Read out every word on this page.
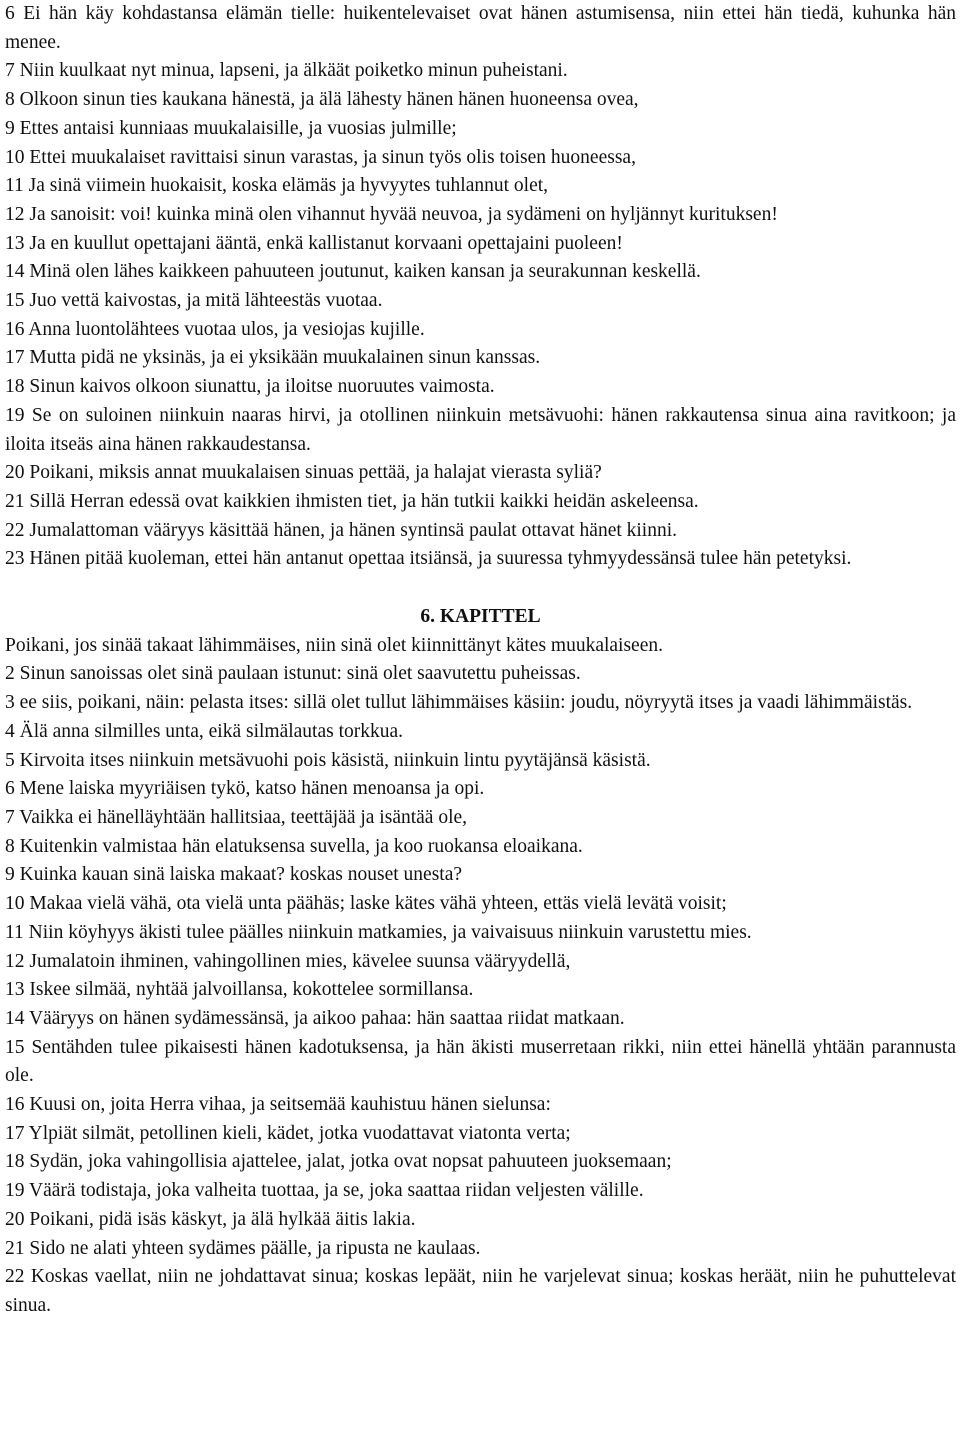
6 Ei hän käy kohdastansa elämän tielle: huikentelevaiset ovat hänen astumisensa, niin ettei hän tiedä, kuhunka hän menee.

7 Niin kuulkaat nyt minua, lapseni, ja älkäät poiketko minun puheistani.

8 Olkoon sinun ties kaukana hänestä, ja älä lähesty hänen hänen huoneensa ovea,

9 Ettes antaisi kunniaas muukalaisille, ja vuosias julmille;

10 Ettei muukalaiset ravittaisi sinun varastas, ja sinun työs olis toisen huoneessa,

11 Ja sinä viimein huokaisit, koska elämäs ja hyvyytes tuhlannut olet,

12 Ja sanoisit: voi! kuinka minä olen vihannut hyvää neuvoa, ja sydämeni on hyljännyt kurituksen!

13 Ja en kuullut opettajani ääntä, enkä kallistanut korvaani opettajaini puoleen!

14 Minä olen lähes kaikkeen pahuuteen joutunut, kaiken kansan ja seurakunnan keskellä.

15 Juo vettä kaivostas, ja mitä lähteestäs vuotaa.

16 Anna luontolähtees vuotaa ulos, ja vesiojas kujille.

17 Mutta pidä ne yksinäs, ja ei yksikään muukalainen sinun kanssas.

18 Sinun kaivos olkoon siunattu, ja iloitse nuoruutes vaimosta.

19 Se on suloinen niinkuin naaras hirvi, ja otollinen niinkuin metsävuohi: hänen rakkautensa sinua aina ravitkoon; ja iloita itseäs aina hänen rakkaudestansa.

20 Poikani, miksis annat muukalaisen sinuas pettää, ja halajat vierasta syliä?

21 Sillä Herran edessä ovat kaikkien ihmisten tiet, ja hän tutkii kaikki heidän askeleensa.

22 Jumalattoman vääryys käsittää hänen, ja hänen syntinsä paulat ottavat hänet kiinni.

23 Hänen pitää kuoleman, ettei hän antanut opettaa itsiänsä, ja suuressa tyhmyydessänsä tulee hän petetyksi.

6. KAPITTEL

Poikani, jos sinää takaat lähimmäises, niin sinä olet kiinnittänyt kätes muukalaiseen.

2 Sinun sanoissas olet sinä paulaan istunut: sinä olet saavutettu puheissas.

3 ee siis, poikani, näin: pelasta itses: sillä olet tullut lähimmäises käsiin: joudu, nöyryytä itses ja vaadi lähimmäistäs.

4 Älä anna silmilles unta, eikä silmälautas torkkua.

5 Kirvoita itses niinkuin metsävuohi pois käsistä, niinkuin lintu pyytäjänsä käsistä.

6 Mene laiska myyriäisen tykö, katso hänen menoansa ja opi.

7 Vaikka ei hänelläyhtään hallitsiaa, teettäjää ja isäntää ole,

8 Kuitenkin valmistaa hän elatuksensa suvella, ja koo ruokansa eloaikana.

9 Kuinka kauan sinä laiska makaat? koskas nouset unesta?

10 Makaa vielä vähä, ota vielä unta päähäs; laske kätes vähä yhteen, ettäs vielä levätä voisit;

11 Niin köyhyys äkisti tulee päälles niinkuin matkamies, ja vaivaisuus niinkuin varustettu mies.

12 Jumalatoin ihminen, vahingollinen mies, kävelee suunsa vääryydellä,

13 Iskee silmää, nyhtää jalvoillansa, kokottelee sormillansa.

14 Vääryys on hänen sydämessänsä, ja aikoo pahaa: hän saattaa riidat matkaan.

15 Sentähden tulee pikaisesti hänen kadotuksensa, ja hän äkisti muserretaan rikki, niin ettei hänellä yhtään parannusta ole.

16 Kuusi on, joita Herra vihaa, ja seitsemää kauhistuu hänen sielunsa:

17 Ylpiät silmät, petollinen kieli, kädet, jotka vuodattavat viatonta verta;

18 Sydän, joka vahingollisia ajattelee, jalat, jotka ovat nopsat pahuuteen juoksemaan;

19 Väärä todistaja, joka valheita tuottaa, ja se, joka saattaa riidan veljesten välille.

20 Poikani, pidä isäs käskyt, ja älä hylkää äitis lakia.

21 Sido ne alati yhteen sydämes päälle, ja ripusta ne kaulaas.

22 Koskas vaellat, niin ne johdattavat sinua; koskas lepäät, niin he varjelevat sinua; koskas heräät, niin he puhuttelevat sinua.
